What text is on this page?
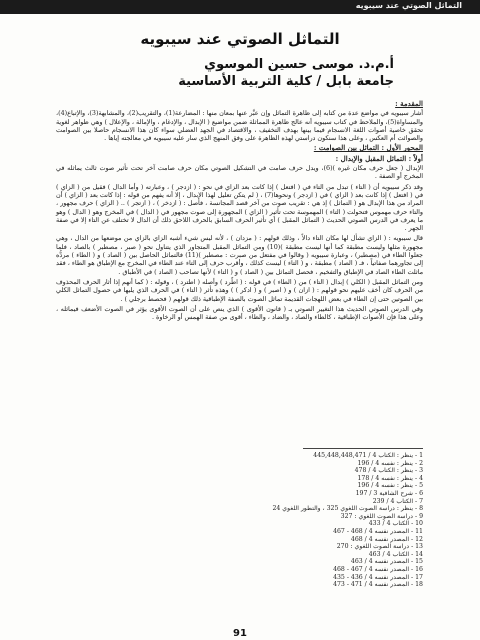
التماثل الصوتي عند سيبويه
التماثل الصوتي عند سيبويه
أ.م.د. موسى حسين الموسوي
جامعة بابل / كلية التربية الأساسية
المقدمة :

أشار سيبويه في مواضع عدة من كتابه إلى ظاهرة التماثل وإن عبَّر عنها بمعان منها : المضارعة(1)، والتقريب(2)، والمشابهة(3)، والإتباع(4)، والمساواة(5)، والملاحظ في كتاب سيبويه أنه عالج ظاهرة المماثلة ضمن مواضيع ( الإبدال ، والإدغام ، والإمالة ، والإعلال ) وهي ظواهر لغوية تحقق خاصية أصوات اللغة الانسجام فيما بينها بهدف التخفيف ، والاقتصاد في الجهد العضلي سواء كان هذا الانسجام حاصلا بين الصوامت والصوائت أم العكس ، وعلى هذا سنكون دراستي لهذه الظاهرة على وفق المنهج الذي سار عليه سيبويه في معالجته إياها .

المحور الأول : التماثل بين الصوامت :
أولاً : التماثل المقبل والإبدال :

الإبدال ( جعل حرف مكان غيره )(6)، ويدل حرف صامت في التشكيل الصوتي مكان حرف صامت آخر تحت تأثير صوت ثالث يماثله في المخرج أو الصفة .

وقد ذكر سيبويه أن ( التاء ) تبدل من التاء في ( افتعل ) إذا كانت بعد الزاي في نحو : ( ازدجر ) ، وعبارته ( وأما الدال ) فقيل من ( الزاي ) في ( افتعل ) إذا كانت بعد ( الزاي ) في ( ازدجر ) ونحوها(7) ، ( لم يتكن تعليل لهذا الإبدال ، إلا أنه يفهم من قوله : إذا كانت بعد ( الزاي ) أن المراد من هذا الإبدال هو ( التماثل ) إذ هي : تقريب صوت من آخر قصد المجانسة ، فأصل : ( ازدخر ) ، ( ازتجر ) .. ( الزاي ) حرف مجهور ، والتاء حرف مهموس فتحولت ( التاء ) المهموسة تحت تأثير ( الزاي ) المجهورة إلى صوت مجهور في ( الدال ) في المخرج وهو ( الدال ) وهو ما يعرف في الدرس الصوتي الحديث ( التماثل المقبل ) أي تأثير الحرف السابق بالحرف اللاحق ذلك أن الدال لا تختلف عن التاء إلا في صفة الجهر .

قال سيبويه : ( الزاي تشأل لها مكان التاء دالاً ، وذلك قولهم : ( مزدان ) ، لأنه ليس شيء أشبه الزاي بالزاي من موضعها من الدال ، وهي مجهورة مثلها وليست مطبقة كما أنها ليست مطبقة )(10) ومن التماثل المقبل المتجاور الذي يتناول نحو ( صبر ، مصطبر ) بالصاد ، فلما جعلوا الطاء في (مصطبر) ، وعبارة سيبويه ( وقالوا في مفتعل من صبرت : مصطبر )(11) فالتماثل الحاصل بين ( الصاد ) و ( الطاء ) مردُّه إلى تجاورهما صفاتياً ، فـ ( الصاد ) مطبقة ، و ( التاء ) ليست كذلك ، وأقرب حرف إلى التاء عند الطاء في المخرج مع الإطباق هو الطاء ، فقد ماثلت الطاء الصاد في الإطباق والتفخيم ، فحصل التماثل بين ( الصاد ) و ( التاء ) لأنها تصاحب ( الصاد ) في الأطباق .

ومن التماثل المقبل ( الكلي ) إبدال ( التاء ) من ( الطاء ) في قوله : ( اطّرد ) وأصله ( اطترد ) ، وقوله : ( كما أنهم إذا أثار الحرف المحذوف من الحرف كان أخف عليهم نحو قولهم : ( ازان ) و ( اصبر ) و ( ادكر ) ) وهذه تأثر ( التاء ) في الحرف الذي يليها في حصول التماثل الكلي بين الصوتين حتى إن الطاء في بعض اللهجات القديمة تماثل الصوت بالصفة الإطباقية ذلك قولهم ( فحصط برجلي ) .

وفي الدرس الصوتي الحديث هذا التغيير الصوتي بـ ( قانون الأقوى ) الذي ينص على أن الصوت الأقوى يؤثر في الصوت الأضعف فيماثله ، وعلى هذا فإن الأصوات الإطباقية ، كالطاء والصاد ، والضاد ، والظاء ، أقوى من صفة الهمس أو الرخاوة .

1 - ينظر : الكتاب 4 / 445,448,448,471
2 - ينظر : نفسه 4 / 196
3 - ينظر : الكتاب 4 / 478
4 - ينظر : نفسه 4 / 178
5 - ينظر : نفسه 4 / 196
6 - شرح الشافية 3 / 197
7 - الكتاب 4 / 239
8 - ينظر : دراسة الصوت اللغوي 325 ، والتطور اللغوي 24
9 - دراسة الصوت اللغوي : 327
10 - الكتاب 4 / 433
11 - المصدر نفسه 4 / 468 - 467
12 - المصدر نفسه 4 / 468
13 - دراسة الصوت اللغوي : 270
14 - الكتاب 4 / 463
15 - المصدر نفسه 4 / 463
16 - المصدر نفسه 4 / 467 - 468
17 - المصدر نفسه 4 / 436 - 435
18 - المصدر نفسه 4 / 471 - 473
91
